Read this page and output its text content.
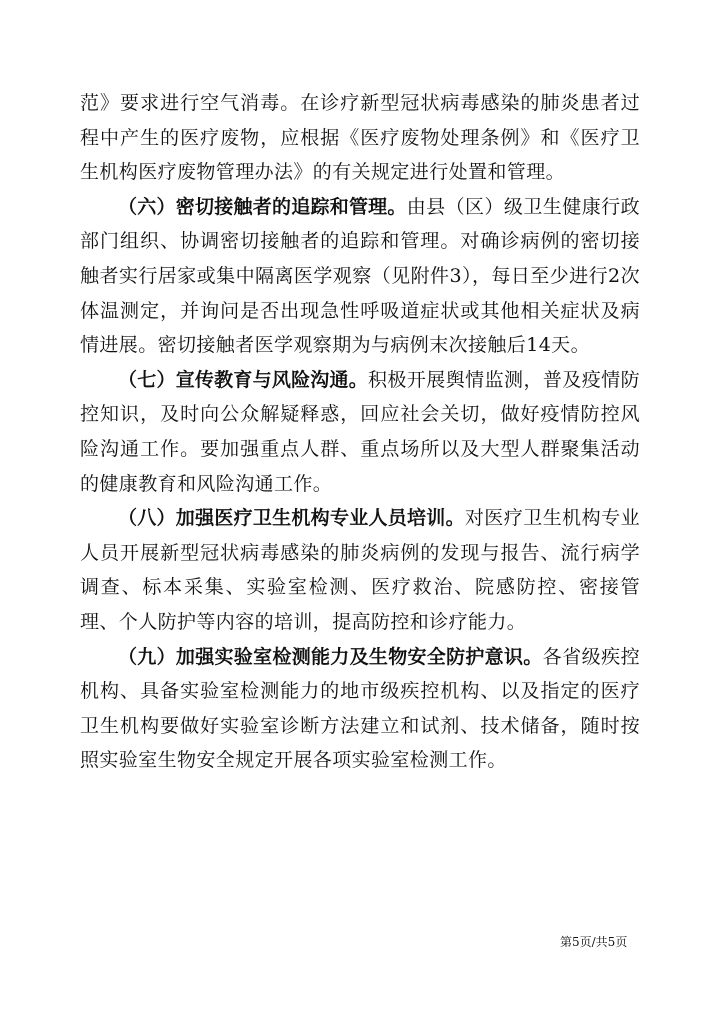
范》要求进行空气消毒。在诊疗新型冠状病毒感染的肺炎患者过程中产生的医疗废物，应根据《医疗废物处理条例》和《医疗卫生机构医疗废物管理办法》的有关规定进行处置和管理。

（六）密切接触者的追踪和管理。由县（区）级卫生健康行政部门组织、协调密切接触者的追踪和管理。对确诊病例的密切接触者实行居家或集中隔离医学观察（见附件3），每日至少进行2次体温测定，并询问是否出现急性呼吸道症状或其他相关症状及病情进展。密切接触者医学观察期为与病例末次接触后14天。

（七）宣传教育与风险沟通。积极开展舆情监测，普及疫情防控知识，及时向公众解疑释惑，回应社会关切，做好疫情防控风险沟通工作。要加强重点人群、重点场所以及大型人群聚集活动的健康教育和风险沟通工作。

（八）加强医疗卫生机构专业人员培训。对医疗卫生机构专业人员开展新型冠状病毒感染的肺炎病例的发现与报告、流行病学调查、标本采集、实验室检测、医疗救治、院感防控、密接管理、个人防护等内容的培训，提高防控和诊疗能力。

（九）加强实验室检测能力及生物安全防护意识。各省级疾控机构、具备实验室检测能力的地市级疾控机构、以及指定的医疗卫生机构要做好实验室诊断方法建立和试剂、技术储备，随时按照实验室生物安全规定开展各项实验室检测工作。

第5页/共5页
